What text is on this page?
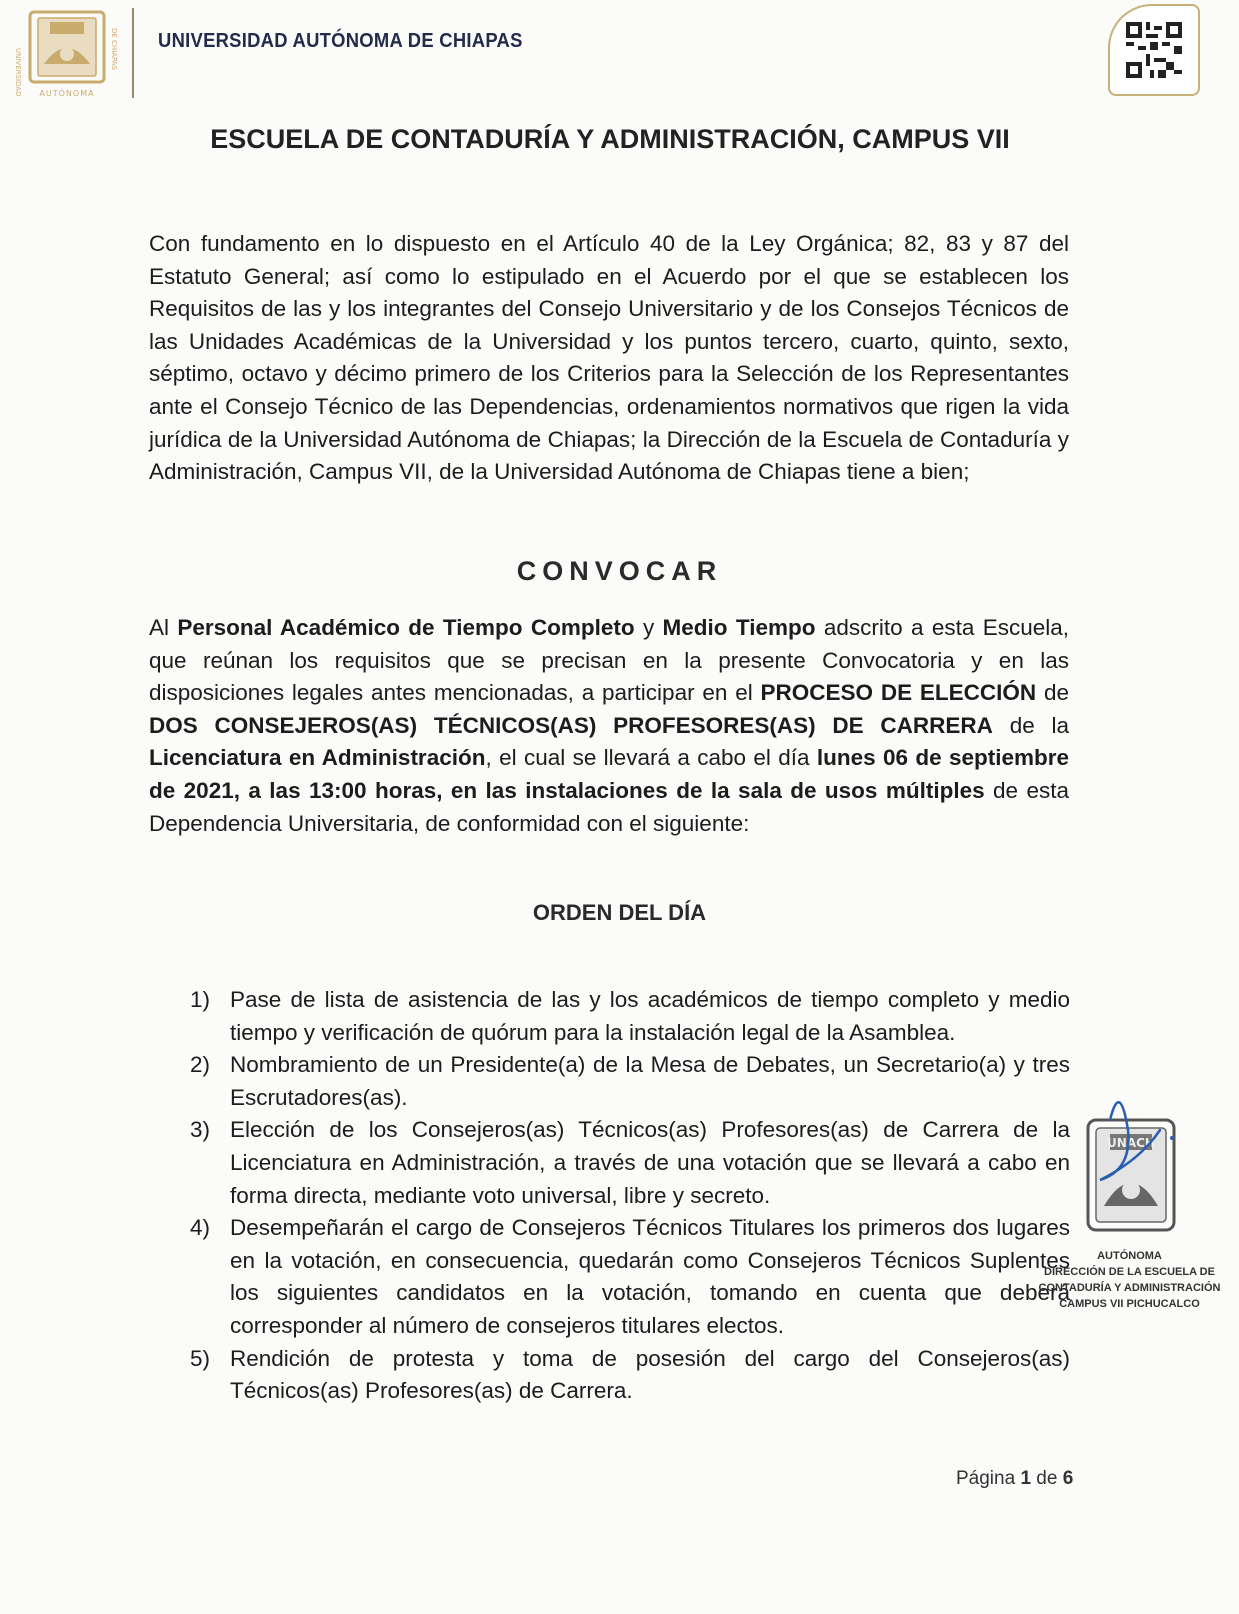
UNIVERSIDAD	DE CHIAPAS
AUTÓNOMA
UNIVERSIDAD AUTÓNOMA DE CHIAPAS
ESCUELA DE CONTADURÍA Y ADMINISTRACIÓN, CAMPUS VII
Con fundamento en lo dispuesto en el Artículo 40 de la Ley Orgánica; 82, 83 y 87 del Estatuto General; así como lo estipulado en el Acuerdo por el que se establecen los Requisitos de las y los integrantes del Consejo Universitario y de los Consejos Técnicos de las Unidades Académicas de la Universidad y los puntos tercero, cuarto, quinto, sexto, séptimo, octavo y décimo primero de los Criterios para la Selección de los Representantes ante el Consejo Técnico de las Dependencias, ordenamientos normativos que rigen la vida jurídica de la Universidad Autónoma de Chiapas; la Dirección de la Escuela de Contaduría y Administración, Campus VII, de la Universidad Autónoma de Chiapas tiene a bien;
CONVOCAR
Al Personal Académico de Tiempo Completo y Medio Tiempo adscrito a esta Escuela, que reúnan los requisitos que se precisan en la presente Convocatoria y en las disposiciones legales antes mencionadas, a participar en el PROCESO DE ELECCIÓN de DOS CONSEJEROS(AS) TÉCNICOS(AS) PROFESORES(AS) DE CARRERA de la Licenciatura en Administración, el cual se llevará a cabo el día lunes 06 de septiembre de 2021, a las 13:00 horas, en las instalaciones de la sala de usos múltiples de esta Dependencia Universitaria, de conformidad con el siguiente:
ORDEN DEL DÍA
1) Pase de lista de asistencia de las y los académicos de tiempo completo y medio tiempo y verificación de quórum para la instalación legal de la Asamblea.
2) Nombramiento de un Presidente(a) de la Mesa de Debates, un Secretario(a) y tres Escrutadores(as).
3) Elección de los Consejeros(as) Técnicos(as) Profesores(as) de Carrera de la Licenciatura en Administración, a través de una votación que se llevará a cabo en forma directa, mediante voto universal, libre y secreto.
4) Desempeñarán el cargo de Consejeros Técnicos Titulares los primeros dos lugares en la votación, en consecuencia, quedarán como Consejeros Técnicos Suplentes los siguientes candidatos en la votación, tomando en cuenta que deberá corresponder al número de consejeros titulares electos.
5) Rendición de protesta y toma de posesión del cargo del Consejeros(as) Técnicos(as) Profesores(as) de Carrera.
UNACH
AUTÓNOMA
DIRECCIÓN DE LA ESCUELA DE
CONTADURÍA Y ADMINISTRACIÓN
CAMPUS VII PICHUCALCO
Página 1 de 6
